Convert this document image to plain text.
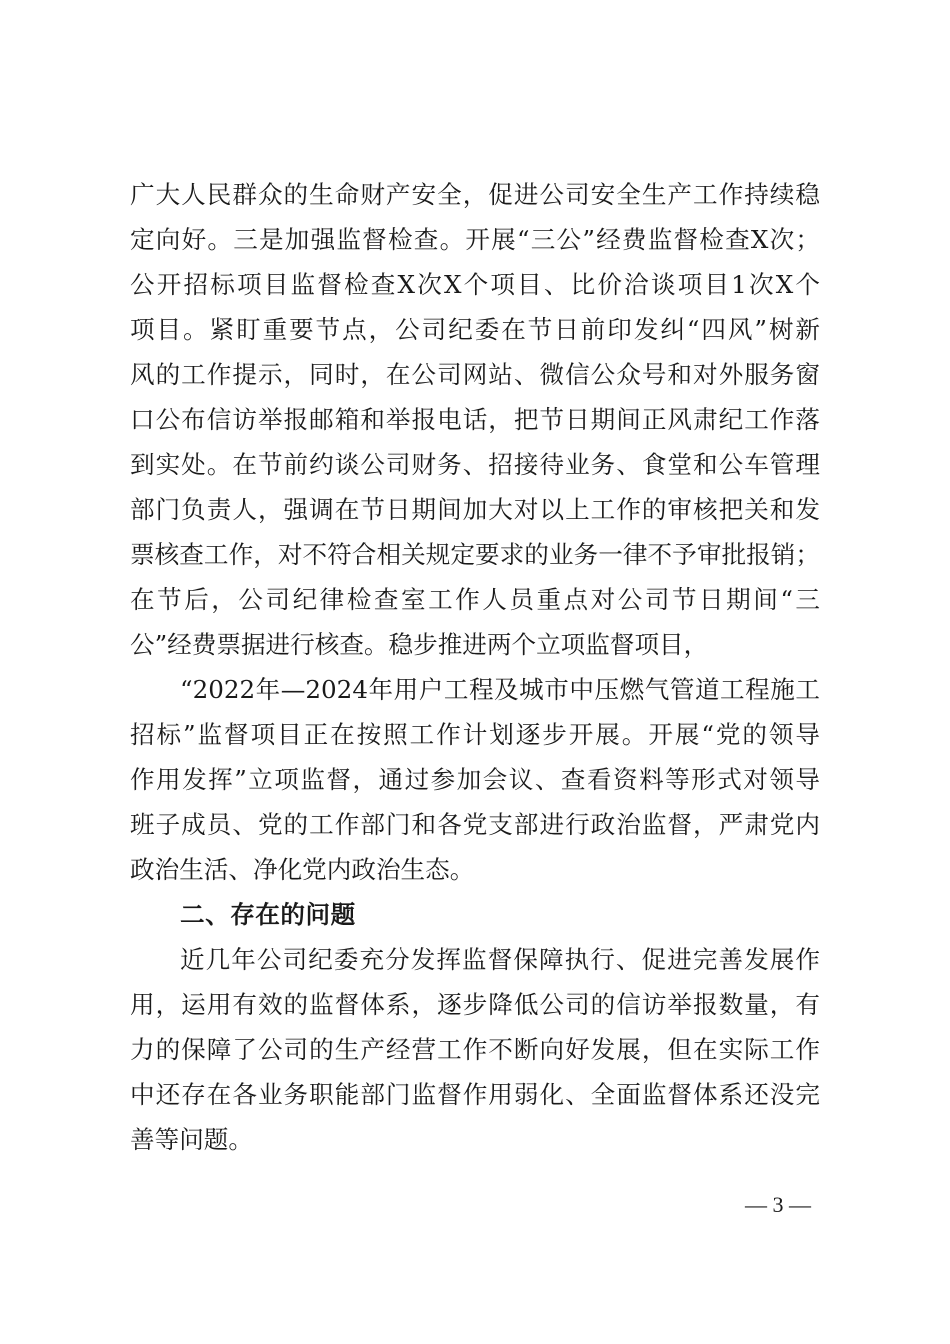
广大人民群众的生命财产安全，促进公司安全生产工作持续稳
定向好。三是加强监督检查。开展“三公”经费监督检查X次；
公开招标项目监督检查X次X个项目、比价洽谈项目1次X个
项目。紧盯重要节点，公司纪委在节日前印发纠“四风”树新
风的工作提示，同时，在公司网站、微信公众号和对外服务窗
口公布信访举报邮箱和举报电话，把节日期间正风肃纪工作落
到实处。在节前约谈公司财务、招接待业务、食堂和公车管理
部门负责人，强调在节日期间加大对以上工作的审核把关和发
票核查工作，对不符合相关规定要求的业务一律不予审批报销；
在节后，公司纪律检查室工作人员重点对公司节日期间“三
公”经费票据进行核查。稳步推进两个立项监督项目，
“2022年—2024年用户工程及城市中压燃气管道工程施工
招标”监督项目正在按照工作计划逐步开展。开展“党的领导
作用发挥”立项监督，通过参加会议、查看资料等形式对领导
班子成员、党的工作部门和各党支部进行政治监督，严肃党内
政治生活、净化党内政治生态。
二、存在的问题
近几年公司纪委充分发挥监督保障执行、促进完善发展作
用，运用有效的监督体系，逐步降低公司的信访举报数量，有
力的保障了公司的生产经营工作不断向好发展，但在实际工作
中还存在各业务职能部门监督作用弱化、全面监督体系还没完
善等问题。
— 3 —
